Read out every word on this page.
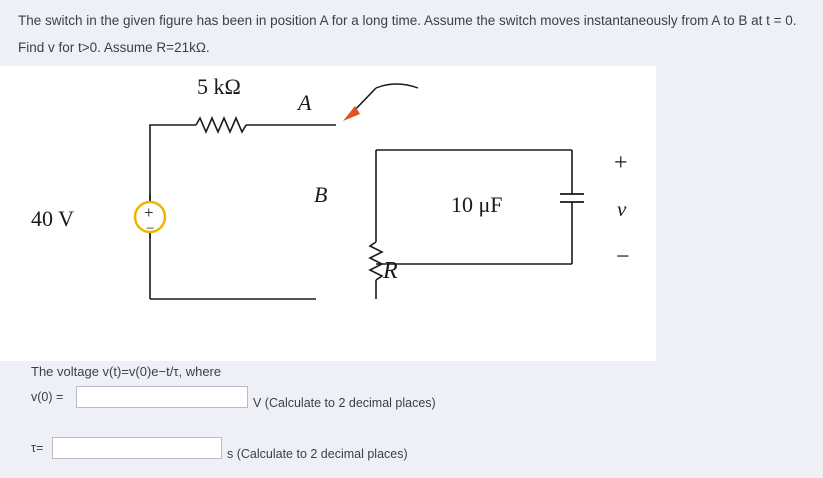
The switch in the given figure has been in position A for a long time. Assume the switch moves instantaneously from A to B at t = 0.
Find v for t>0. Assume R=21kΩ.
5 kΩ
A
B
40 V	+
−
R
10 μF
+
v
−
The voltage v(t)=v(0)e−t/τ, where
v(0) =	V (Calculate to 2 decimal places)
τ=	s (Calculate to 2 decimal places)
